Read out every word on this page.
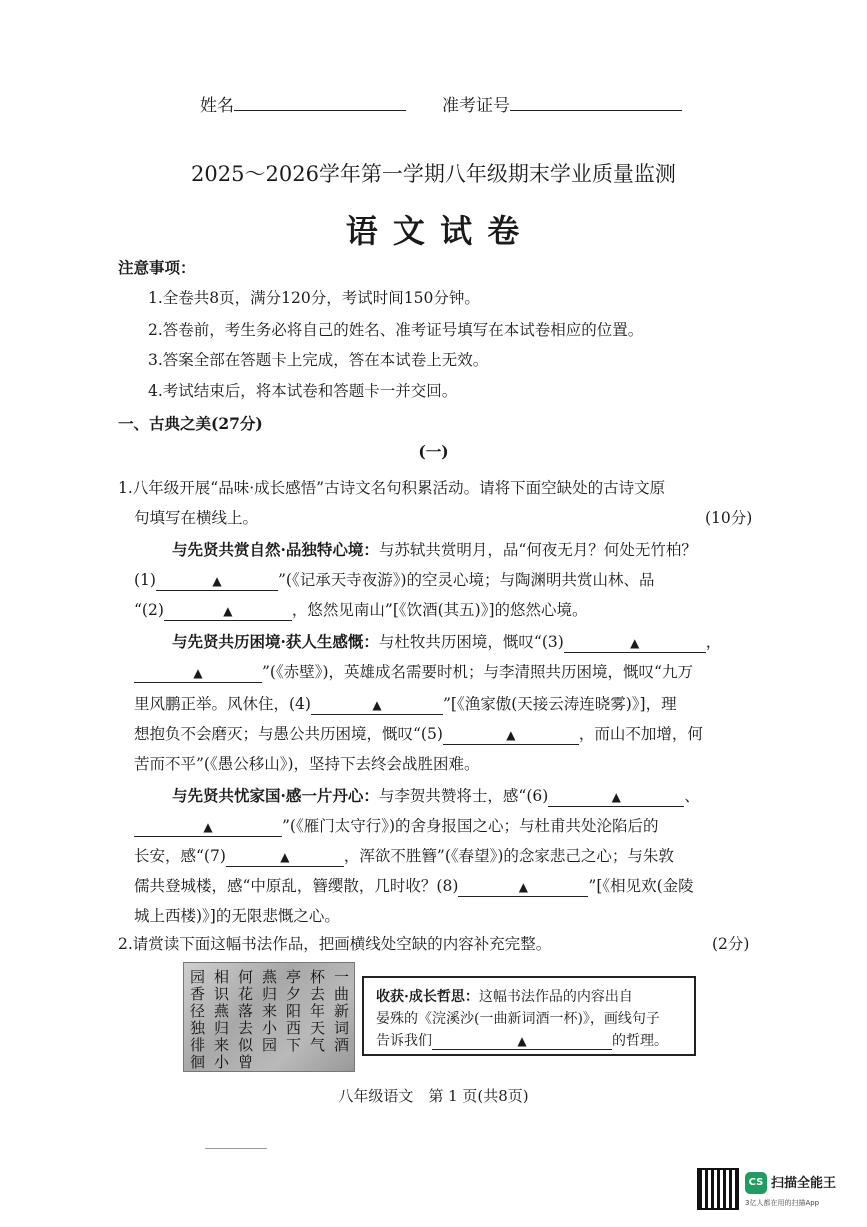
姓名	准考证号
2025～2026学年第一学期八年级期末学业质量监测
语 文 试 卷
注意事项：
1.全卷共8页，满分120分，考试时间150分钟。
2.答卷前，考生务必将自己的姓名、准考证号填写在本试卷相应的位置。
3.答案全部在答题卡上完成，答在本试卷上无效。
4.考试结束后，将本试卷和答题卡一并交回。
一、古典之美(27分)
(一)
1.八年级开展“品味·成长感悟”古诗文名句积累活动。请将下面空缺处的古诗文原
句填写在横线上。	(10分)
与先贤共赏自然·品独特心境：与苏轼共赏明月，品“何夜无月？何处无竹柏？
(1)	▲	”(《记承天寺夜游》)的空灵心境；与陶渊明共赏山林、品
“(2)	▲	，悠然见南山”[《饮酒(其五)》]的悠然心境。
与先贤共历困境·获人生感慨：与杜牧共历困境，慨叹“(3)	▲	，
▲	”(《赤壁》)，英雄成名需要时机；与李清照共历困境，慨叹“九万
里风鹏正举。风休住，(4)	▲	”[《渔家傲(天接云涛连晓雾)》]，理
想抱负不会磨灭；与愚公共历困境，慨叹“(5)	▲	，而山不加增，何
苦而不平”(《愚公移山》)，坚持下去终会战胜困难。
与先贤共忧家国·感一片丹心：与李贺共赞将士，感“(6)	▲	、
▲	”(《雁门太守行》)的舍身报国之心；与杜甫共处沦陷后的
长安，感“(7)	▲	，浑欲不胜簪”(《春望》)的念家悲己之心；与朱敦
儒共登城楼，感“中原乱，簪缨散，几时收？(8)	▲	”[《相见欢(金陵
城上西楼)》]的无限悲慨之心。
2.请赏读下面这幅书法作品，把画横线处空缺的内容补充完整。	(2分)
一曲新词酒
杯去年天气
亭夕阳西下
燕归来小园
何花落去似曾
相识燕归来小
园香径独徘徊	收获·成长哲思：这幅书法作品的内容出自
晏殊的《浣溪沙(一曲新词酒一杯)》，画线句子
告诉我们	▲	的哲理。
八年级语文　第 1 页(共8页)
CS 扫描全能王
3亿人都在用的扫描App
